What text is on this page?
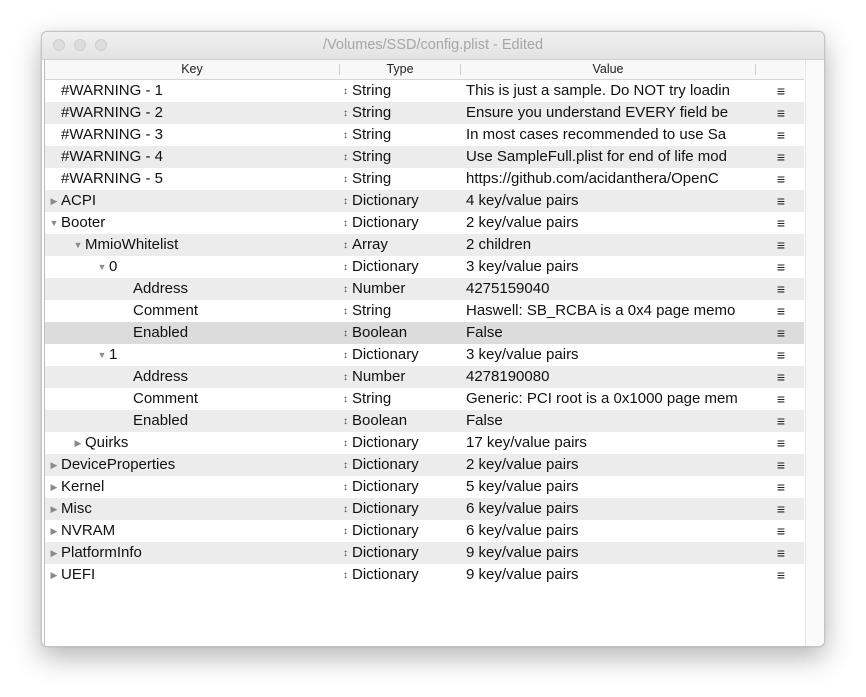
/Volumes/SSD/config.plist - Edited
Key	Type	Value
#WARNING - 1	↕ String	This is just a sample. Do NOT try loadin	≡
#WARNING - 2	↕ String	Ensure you understand EVERY field be	≡
#WARNING - 3	↕ String	In most cases recommended to use Sa	≡
#WARNING - 4	↕ String	Use SampleFull.plist for end of life mod	≡
#WARNING - 5	↕ String	https://github.com/acidanthera/OpenC	≡
▶ ACPI	↕ Dictionary	4 key/value pairs	≡
▼ Booter	↕ Dictionary	2 key/value pairs	≡
▼ MmioWhitelist	↕ Array	2 children	≡
▼ 0	↕ Dictionary	3 key/value pairs	≡
Address	↕ Number	4275159040	≡
Comment	↕ String	Haswell: SB_RCBA is a 0x4 page memo	≡
Enabled	↕ Boolean	False	≡
▼ 1	↕ Dictionary	3 key/value pairs	≡
Address	↕ Number	4278190080	≡
Comment	↕ String	Generic: PCI root is a 0x1000 page mem	≡
Enabled	↕ Boolean	False	≡
▶ Quirks	↕ Dictionary	17 key/value pairs	≡
▶ DeviceProperties	↕ Dictionary	2 key/value pairs	≡
▶ Kernel	↕ Dictionary	5 key/value pairs	≡
▶ Misc	↕ Dictionary	6 key/value pairs	≡
▶ NVRAM	↕ Dictionary	6 key/value pairs	≡
▶ PlatformInfo	↕ Dictionary	9 key/value pairs	≡
▶ UEFI	↕ Dictionary	9 key/value pairs	≡
